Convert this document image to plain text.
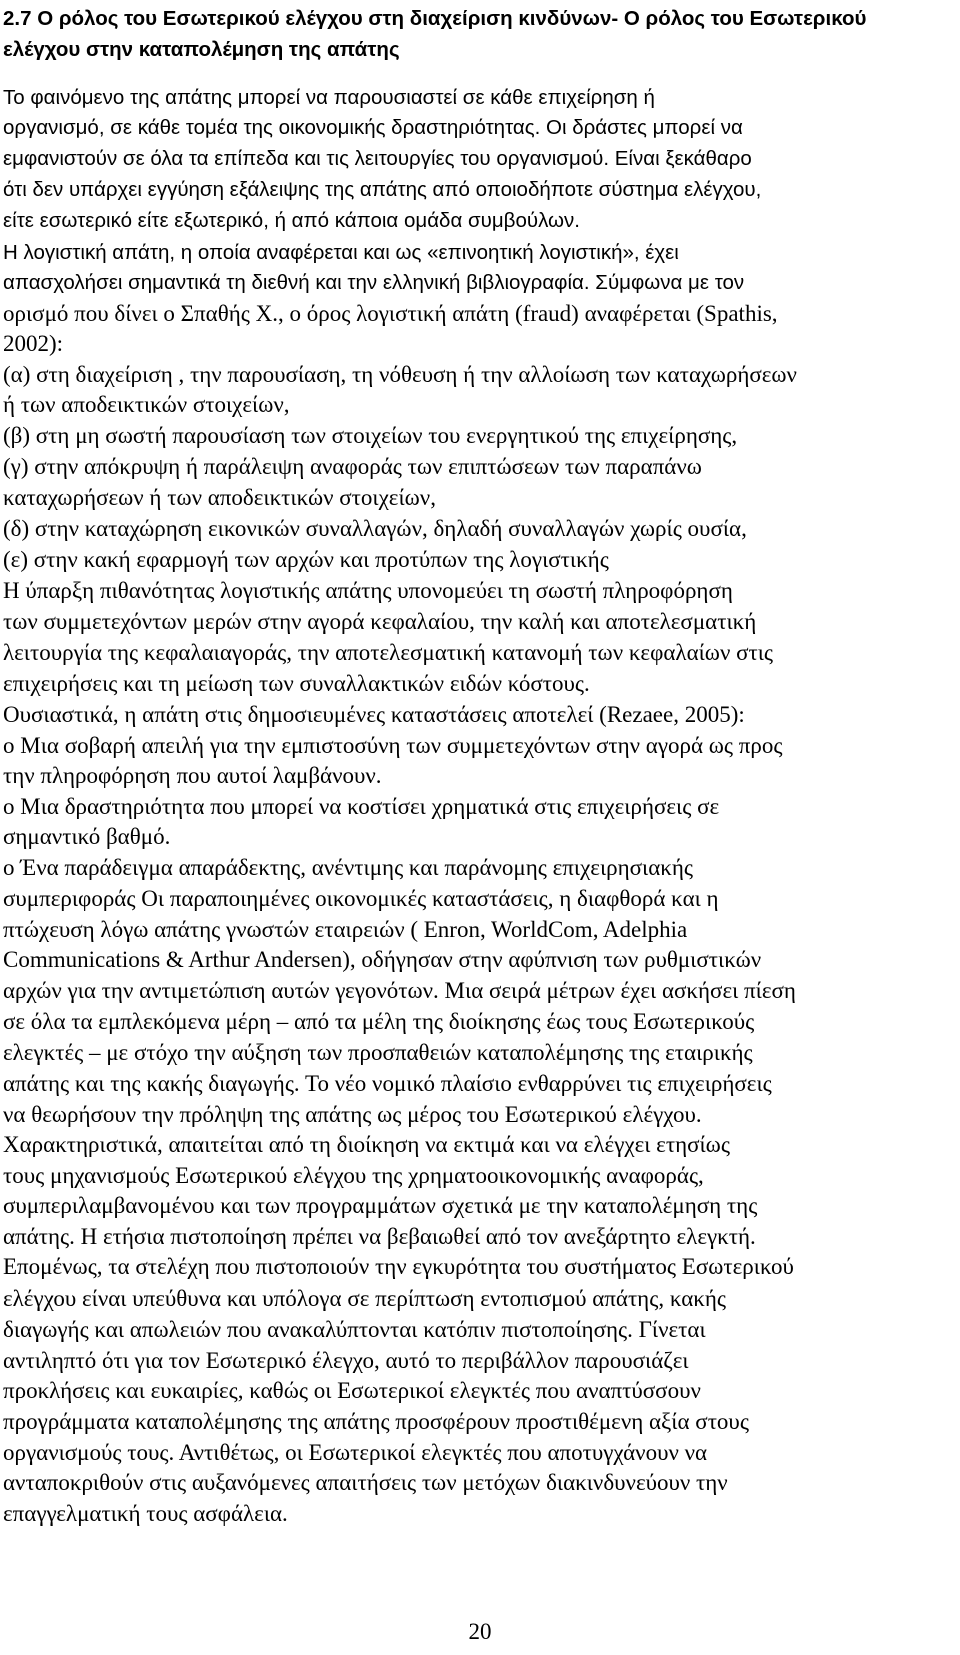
2.7 Ο ρόλος του Εσωτερικού ελέγχου στη διαχείριση κινδύνων- Ο ρόλος του Εσωτερικού ελέγχου στην καταπολέμηση της απάτης
Το φαινόμενο της απάτης μπορεί να παρουσιαστεί σε κάθε επιχείρηση ή
οργανισμό, σε κάθε τομέα της οικονομικής δραστηριότητας. Οι δράστες μπορεί να
εμφανιστούν σε όλα τα επίπεδα και τις λειτουργίες του οργανισμού. Είναι ξεκάθαρο
ότι δεν υπάρχει εγγύηση εξάλειψης της απάτης από οποιοδήποτε σύστημα ελέγχου,
είτε εσωτερικό είτε εξωτερικό, ή από κάποια ομάδα συμβούλων.
Η λογιστική απάτη, η οποία αναφέρεται και ως «επινοητική λογιστική», έχει
απασχολήσει σημαντικά τη διεθνή και την ελληνική βιβλιογραφία. Σύμφωνα με τον
ορισμό που δίνει ο Σπαθής Χ., ο όρος λογιστική απάτη (fraud) αναφέρεται (Spathis,
2002):
(α) στη διαχείριση , την παρουσίαση, τη νόθευση ή την αλλοίωση των καταχωρήσεων
ή των αποδεικτικών στοιχείων,
(β) στη μη σωστή παρουσίαση των στοιχείων του ενεργητικού της επιχείρησης,
(γ) στην απόκρυψη ή παράλειψη αναφοράς των επιπτώσεων των παραπάνω
καταχωρήσεων ή των αποδεικτικών στοιχείων,
(δ) στην καταχώρηση εικονικών συναλλαγών, δηλαδή συναλλαγών χωρίς ουσία,
(ε) στην κακή εφαρμογή των αρχών και προτύπων της λογιστικής
Η ύπαρξη πιθανότητας λογιστικής απάτης υπονομεύει τη σωστή πληροφόρηση
των συμμετεχόντων μερών στην αγορά κεφαλαίου, την καλή και αποτελεσματική
λειτουργία της κεφαλαιαγοράς, την αποτελεσματική κατανομή των κεφαλαίων στις
επιχειρήσεις και τη μείωση των συναλλακτικών ειδών κόστους.
Ουσιαστικά, η απάτη στις δημοσιευμένες καταστάσεις αποτελεί (Rezaee, 2005):
ο Μια σοβαρή απειλή για την εμπιστοσύνη των συμμετεχόντων στην αγορά ως προς
την πληροφόρηση που αυτοί λαμβάνουν.
ο Μια δραστηριότητα που μπορεί να κοστίσει χρηματικά στις επιχειρήσεις σε
σημαντικό βαθμό.
ο Ένα παράδειγμα απαράδεκτης, ανέντιμης και παράνομης επιχειρησιακής
συμπεριφοράς Οι παραποιημένες οικονομικές καταστάσεις, η διαφθορά και η
πτώχευση λόγω απάτης γνωστών εταιρειών ( Enron, WorldCom, Adelphia
Communications & Arthur Andersen), οδήγησαν στην αφύπνιση των ρυθμιστικών
αρχών για την αντιμετώπιση αυτών γεγονότων. Μια σειρά μέτρων έχει ασκήσει πίεση
σε όλα τα εμπλεκόμενα μέρη – από τα μέλη της διοίκησης έως τους Εσωτερικούς
ελεγκτές – με στόχο την αύξηση των προσπαθειών καταπολέμησης της εταιρικής
απάτης και της κακής διαγωγής. Το νέο νομικό πλαίσιο ενθαρρύνει τις επιχειρήσεις
να θεωρήσουν την πρόληψη της απάτης ως μέρος του Εσωτερικού ελέγχου.
Χαρακτηριστικά, απαιτείται από τη διοίκηση να εκτιμά και να ελέγχει ετησίως
τους μηχανισμούς Εσωτερικού ελέγχου της χρηματοοικονομικής αναφοράς,
συμπεριλαμβανομένου και των προγραμμάτων σχετικά με την καταπολέμηση της
απάτης. Η ετήσια πιστοποίηση πρέπει να βεβαιωθεί από τον ανεξάρτητο ελεγκτή.
Επομένως, τα στελέχη που πιστοποιούν την εγκυρότητα του συστήματος Εσωτερικού
ελέγχου είναι υπεύθυνα και υπόλογα σε περίπτωση εντοπισμού απάτης, κακής
διαγωγής και απωλειών που ανακαλύπτονται κατόπιν πιστοποίησης. Γίνεται
αντιληπτό ότι για τον Εσωτερικό έλεγχο, αυτό το περιβάλλον παρουσιάζει
προκλήσεις και ευκαιρίες, καθώς οι Εσωτερικοί ελεγκτές που αναπτύσσουν
προγράμματα καταπολέμησης της απάτης προσφέρουν προστιθέμενη αξία στους
οργανισμούς τους. Αντιθέτως, οι Εσωτερικοί ελεγκτές που αποτυγχάνουν να
ανταποκριθούν στις αυξανόμενες απαιτήσεις των μετόχων διακινδυνεύουν την
επαγγελματική τους ασφάλεια.
20
